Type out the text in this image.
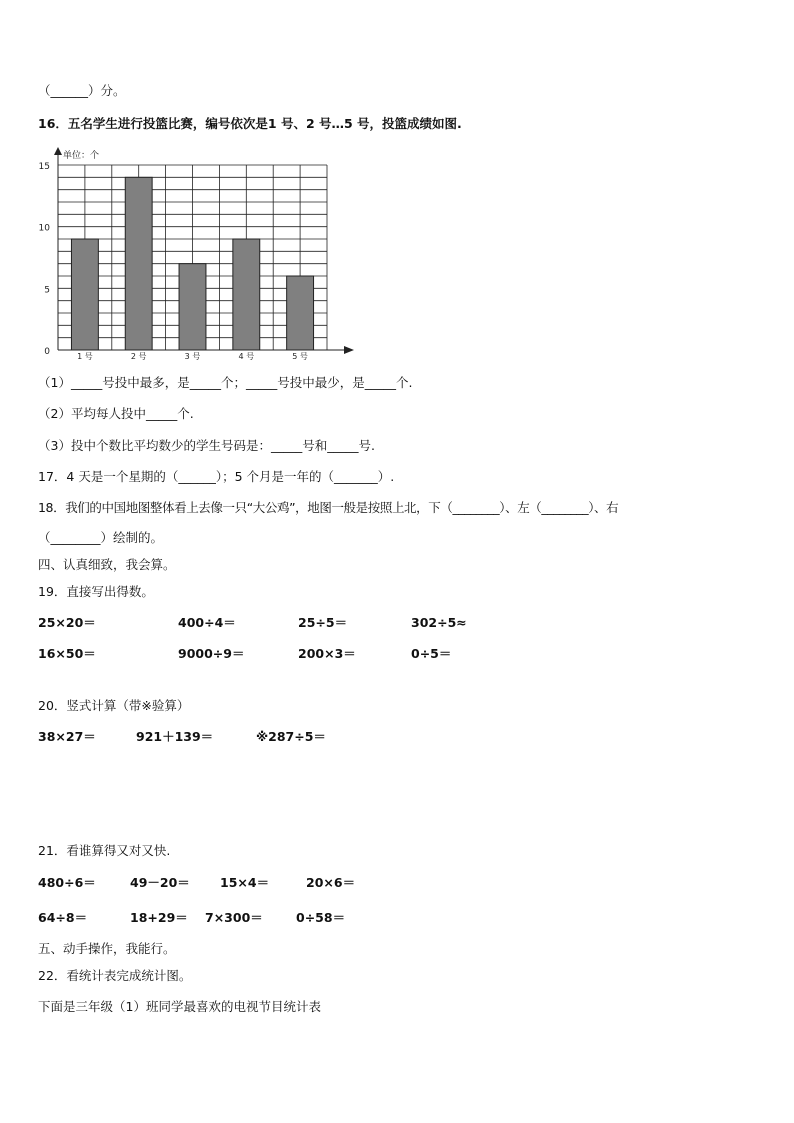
（______）分。
16．五名学生进行投篮比赛，编号依次是1 号、2 号…5 号，投篮成绩如图.
0
5
10
15
单位：个
1 号	2 号	3 号	4 号	5 号
（1）_____号投中最多，是_____个；_____号投中最少，是_____个.
（2）平均每人投中_____个.
（3）投中个数比平均数少的学生号码是：_____号和_____号.
17．4 天是一个星期的（______）；5 个月是一年的（_______）.
18．我们的中国地图整体看上去像一只“大公鸡”，地图一般是按照上北，下（________）、左（________）、右
（________）绘制的。
四、认真细致，我会算。
19．直接写出得数。
25×20＝	400÷4＝	25÷5＝	302÷5≈
16×50＝	9000÷9＝	200×3＝	0÷5＝
20．竖式计算（带※验算）
38×27＝	921＋139＝	※287÷5＝
21．看谁算得又对又快.
480÷6＝	49－20＝ 15×4＝	20×6＝
64÷8＝	18+29＝ 7×300＝	0÷58＝
五、动手操作，我能行。
22．看统计表完成统计图。
下面是三年级（1）班同学最喜欢的电视节目统计表
